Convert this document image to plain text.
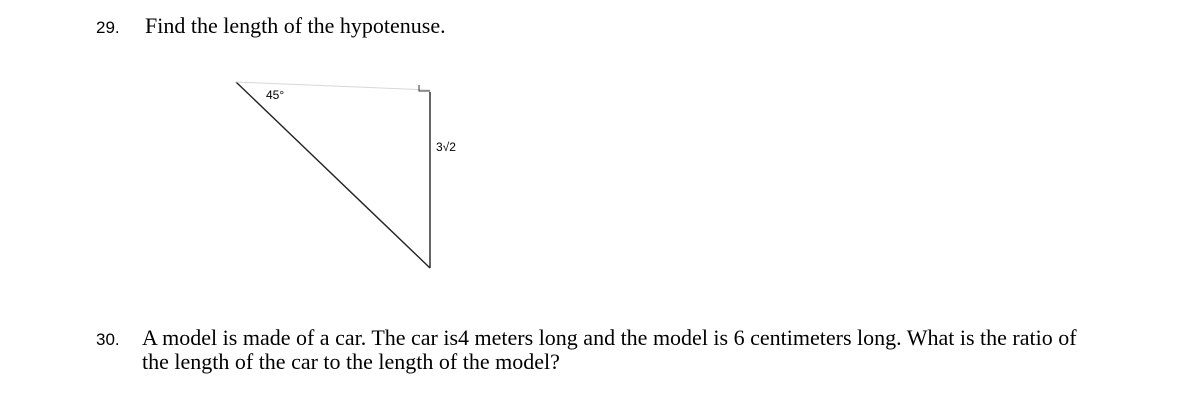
29. Find the length of the hypotenuse.
45°
3√2
30. A model is made of a car. The car is4 meters long and the model is 6 centimeters long. What is the ratio of
the length of the car to the length of the model?
